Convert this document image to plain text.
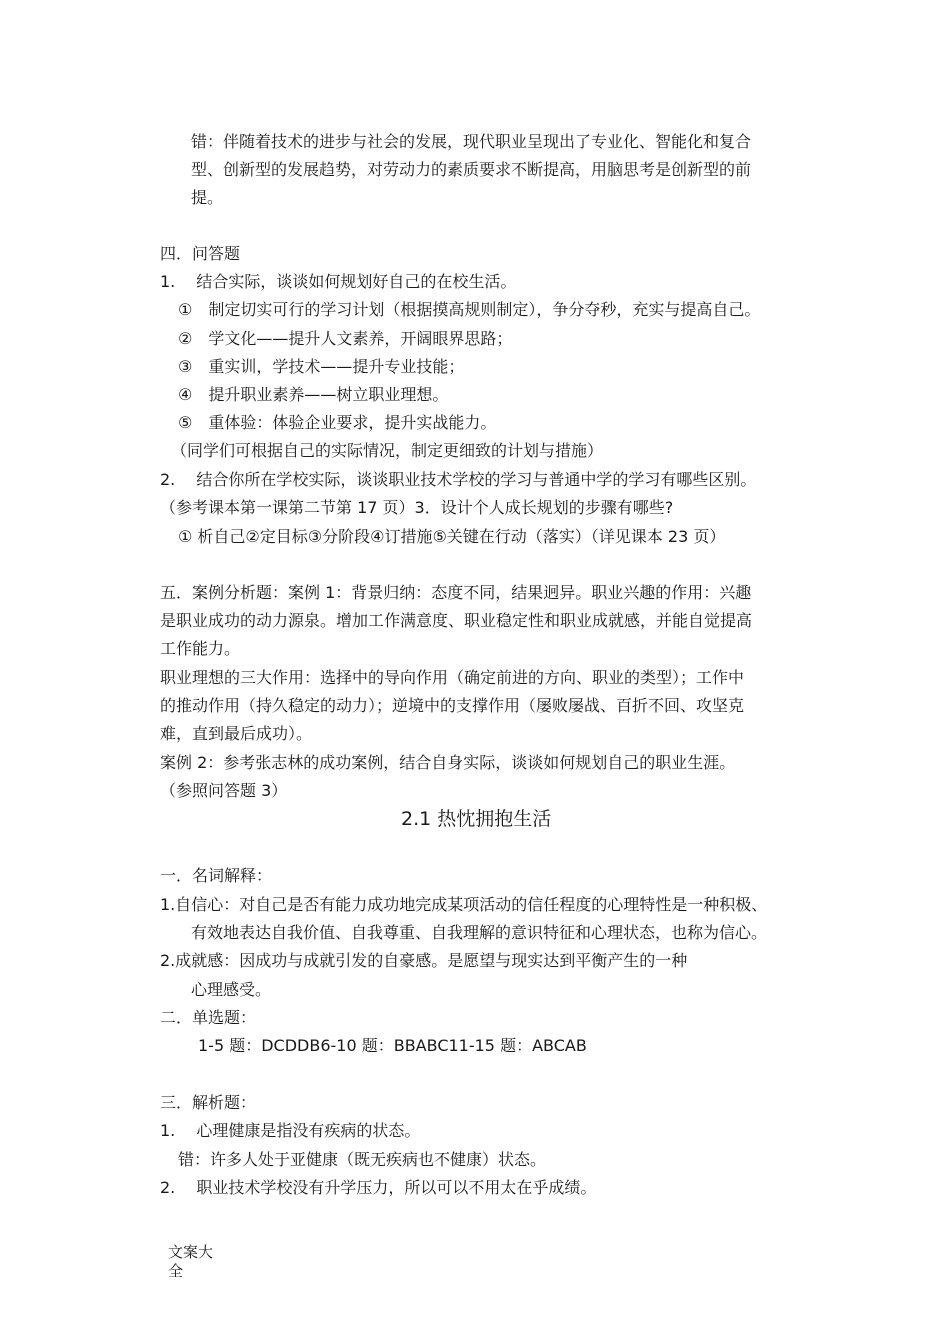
错：伴随着技术的进步与社会的发展，现代职业呈现出了专业化、智能化和复合
型、创新型的发展趋势，对劳动力的素质要求不断提高，用脑思考是创新型的前
提。
四．问答题
1.　 结合实际，谈谈如何规划好自己的在校生活。
①　制定切实可行的学习计划（根据摸高规则制定），争分夺秒，充实与提高自己。
②　学文化——提升人文素养，开阔眼界思路；
③　重实训，学技术——提升专业技能；
④　提升职业素养——树立职业理想。
⑤　重体验：体验企业要求，提升实战能力。
（同学们可根据自己的实际情况，制定更细致的计划与措施）
2.　 结合你所在学校实际，谈谈职业技术学校的学习与普通中学的学习有哪些区别。
（参考课本第一课第二节第 17 页）3．设计个人成长规划的步骤有哪些?
① 析自己②定目标③分阶段④订措施⑤关键在行动（落实）（详见课本 23 页）
五．案例分析题：案例 1：背景归纳：态度不同，结果迥异。职业兴趣的作用：兴趣
是职业成功的动力源泉。增加工作满意度、职业稳定性和职业成就感，并能自觉提高
工作能力。
职业理想的三大作用：选择中的导向作用（确定前进的方向、职业的类型）；工作中
的推动作用（持久稳定的动力）；逆境中的支撑作用（屡败屡战、百折不回、攻坚克
难，直到最后成功）。
案例 2：参考张志林的成功案例，结合自身实际，谈谈如何规划自己的职业生涯。
（参照问答题 3）
2.1 热忱拥抱生活
一．名词解释：
1.自信心：对自己是否有能力成功地完成某项活动的信任程度的心理特性是一种积极、
有效地表达自我价值、自我尊重、自我理解的意识特征和心理状态，也称为信心。
2.成就感：因成功与成就引发的自豪感。是愿望与现实达到平衡产生的一种
心理感受。
二．单选题：
1-5 题：DCDDB6-10 题：BBABC11-15 题：ABCAB
三．解析题：
1.　 心理健康是指没有疾病的状态。
错：许多人处于亚健康（既无疾病也不健康）状态。
2.　 职业技术学校没有升学压力，所以可以不用太在乎成绩。
文案大
全
